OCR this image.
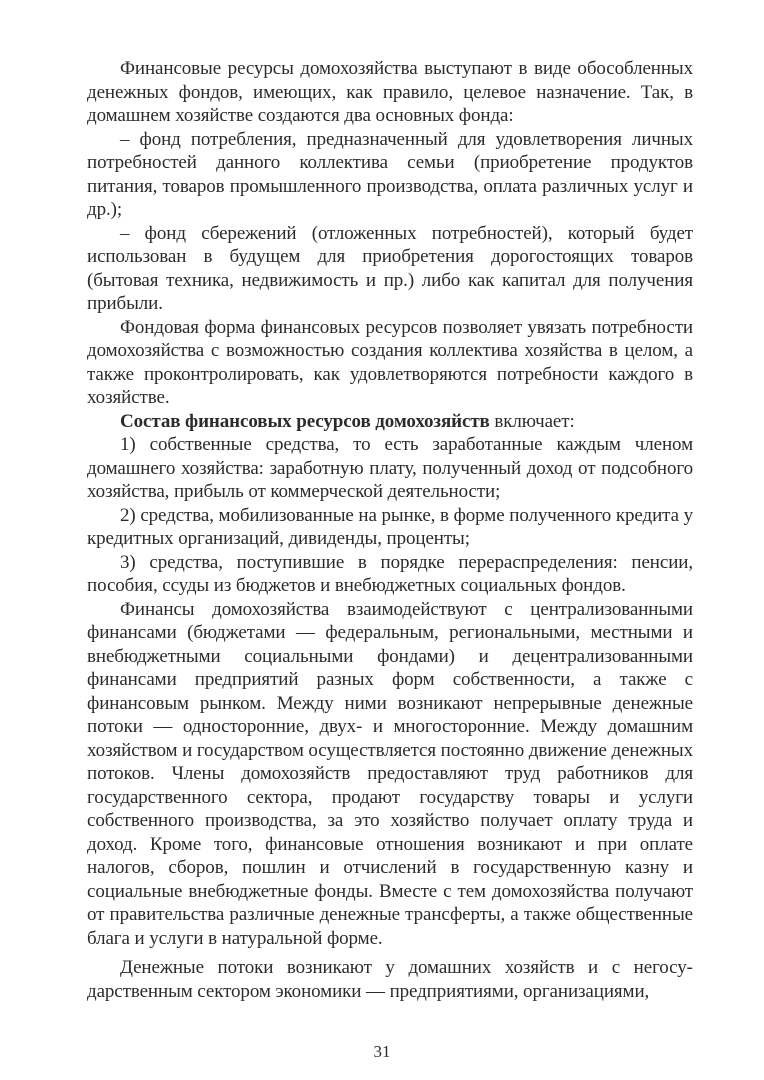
Финансовые ресурсы домохозяйства выступают в виде обособленных денежных фондов, имеющих, как правило, целевое назначение. Так, в домашнем хозяйстве создаются два основных фонда:

– фонд потребления, предназначенный для удовлетворения личных потребностей данного коллектива семьи (приобретение продуктов питания, товаров промышленного производства, оплата различных услуг и др.);

– фонд сбережений (отложенных потребностей), который будет использован в будущем для приобретения дорогостоящих товаров (бытовая техника, недвижимость и пр.) либо как капитал для получения прибыли.

Фондовая форма финансовых ресурсов позволяет увязать потребности домохозяйства с возможностью создания коллектива хозяйства в целом, а также проконтролировать, как удовлетворяются потребности каждого в хозяйстве.

Состав финансовых ресурсов домохозяйств включает:

1) собственные средства, то есть заработанные каждым членом домашнего хозяйства: заработную плату, полученный доход от подсобного хозяйства, прибыль от коммерческой деятельности;

2) средства, мобилизованные на рынке, в форме полученного кредита у кредитных организаций, дивиденды, проценты;

3) средства, поступившие в порядке перераспределения: пенсии, пособия, ссуды из бюджетов и внебюджетных социальных фондов.

Финансы домохозяйства взаимодействуют с централизованными финансами (бюджетами — федеральным, региональными, местными и внебюджетными социальными фондами) и децентрализованными финансами предприятий разных форм собственности, а также с финансовым рынком. Между ними возникают непрерывные денежные потоки — односторонние, двух- и многосторонние. Между домашним хозяйством и государством осуществляется постоянно движение денежных потоков. Члены домохозяйств предоставляют труд работников для государственного сектора, продают государству товары и услуги собственного производства, за это хозяйство получает оплату труда и доход. Кроме того, финансовые отношения возникают и при оплате налогов, сборов, пошлин и отчислений в государственную казну и социальные внебюджетные фонды. Вместе с тем домохозяйства получают от правительства различные денежные трансферты, а также общественные блага и услуги в натуральной форме.

Денежные потоки возникают у домашних хозяйств и с негосударственным сектором экономики — предприятиями, организациями,

31
